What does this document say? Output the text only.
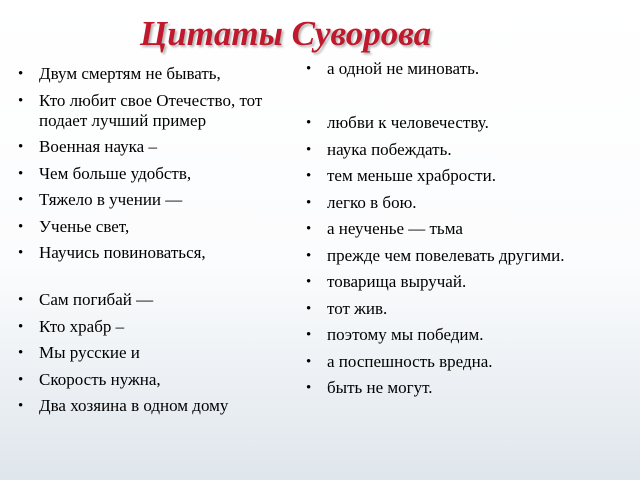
Цитаты Суворова
• Двум смертям не бывать,
• Кто любит свое Отечество, тот подает лучший пример
• Военная наука –
• Чем больше удобств,
• Тяжело в учении —
• Ученье свет,
• Научись повиноваться,
• Сам погибай —
• Кто храбр –
• Мы русские и
• Скорость нужна,
• Два хозяина в одном дому
• а одной не миновать.
• любви к человечеству.
• наука побеждать.
• тем меньше храбрости.
• легко в бою.
• а неученье — тьма
• прежде чем повелевать другими.
• товарища выручай.
• тот жив.
• поэтому мы победим.
• а поспешность вредна.
• быть не могут.
